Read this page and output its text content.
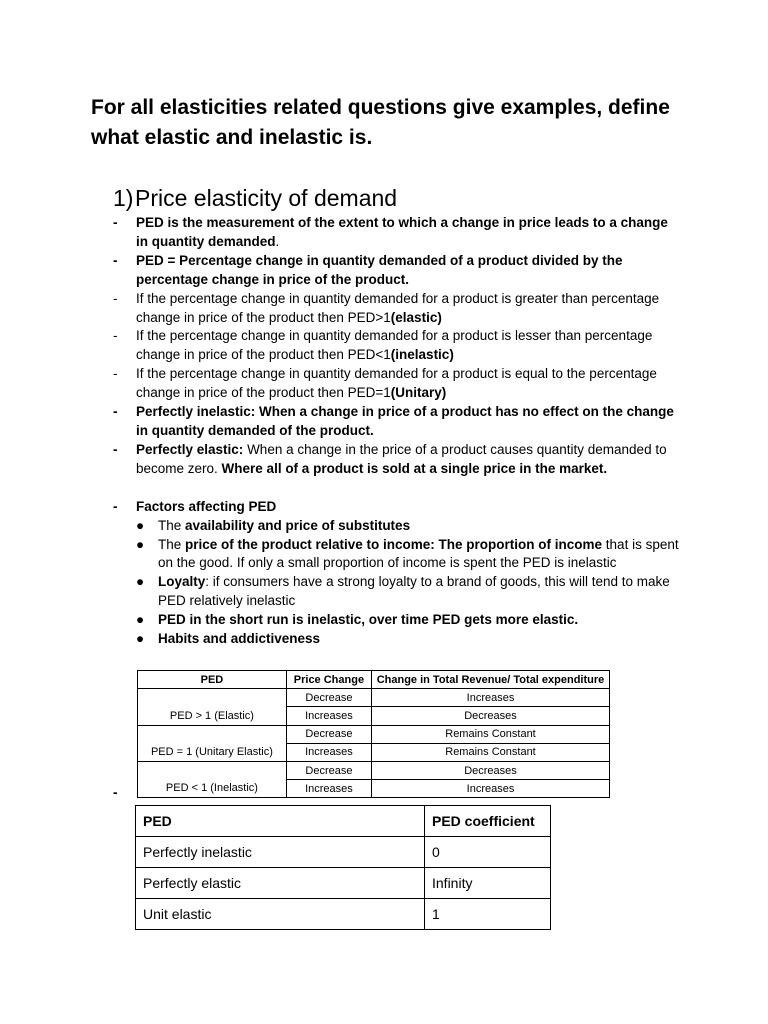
For all elasticities related questions give examples, define what elastic and inelastic is.
1)Price elasticity of demand
- PED is the measurement of the extent to which a change in price leads to a change in quantity demanded.
- PED = Percentage change in quantity demanded of a product divided by the percentage change in price of the product.
- If the percentage change in quantity demanded for a product is greater than percentage change in price of the product then PED>1(elastic)
- If the percentage change in quantity demanded for a product is lesser than percentage change in price of the product then PED<1(inelastic)
- If the percentage change in quantity demanded for a product is equal to the percentage change in price of the product then PED=1(Unitary)
- Perfectly inelastic: When a change in price of a product has no effect on the change in quantity demanded of the product.
- Perfectly elastic: When a change in the price of a product causes quantity demanded to become zero. Where all of a product is sold at a single price in the market.
- Factors affecting PED
● The availability and price of substitutes
● The price of the product relative to income: The proportion of income that is spent on the good. If only a small proportion of income is spent the PED is inelastic
● Loyalty: if consumers have a strong loyalty to a brand of goods, this will tend to make PED relatively inelastic
● PED in the short run is inelastic, over time PED gets more elastic.
● Habits and addictiveness
PED	Price Change	Change in Total Revenue/ Total expenditure
	Decrease	Increases
PED > 1 (Elastic)	Increases	Decreases
	Decrease	Remains Constant
PED = 1 (Unitary Elastic)	Increases	Remains Constant
	Decrease	Decreases
PED < 1 (Inelastic)	Increases	Increases
-
PED	PED coefficient
Perfectly inelastic	0
Perfectly elastic	Infinity
Unit elastic	1
